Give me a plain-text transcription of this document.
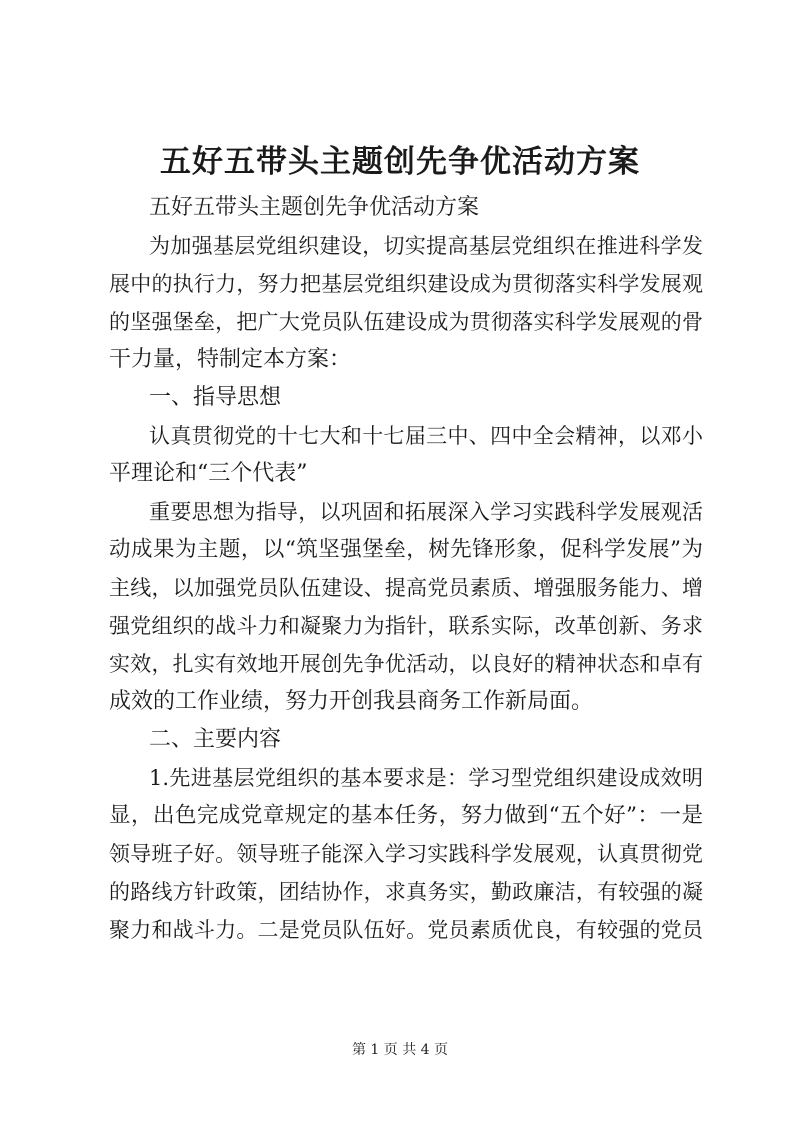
五好五带头主题创先争优活动方案
五好五带头主题创先争优活动方案
为加强基层党组织建设，切实提高基层党组织在推进科学发
展中的执行力，努力把基层党组织建设成为贯彻落实科学发展观
的坚强堡垒，把广大党员队伍建设成为贯彻落实科学发展观的骨
干力量，特制定本方案：
一、指导思想
认真贯彻党的十七大和十七届三中、四中全会精神，以邓小
平理论和“三个代表”
重要思想为指导，以巩固和拓展深入学习实践科学发展观活
动成果为主题，以“筑坚强堡垒，树先锋形象，促科学发展”为
主线，以加强党员队伍建设、提高党员素质、增强服务能力、增
强党组织的战斗力和凝聚力为指针，联系实际，改革创新、务求
实效，扎实有效地开展创先争优活动，以良好的精神状态和卓有
成效的工作业绩，努力开创我县商务工作新局面。
二、主要内容
1.先进基层党组织的基本要求是：学习型党组织建设成效明
显，出色完成党章规定的基本任务，努力做到“五个好”：一是
领导班子好。领导班子能深入学习实践科学发展观，认真贯彻党
的路线方针政策，团结协作，求真务实，勤政廉洁，有较强的凝
聚力和战斗力。二是党员队伍好。党员素质优良，有较强的党员
第 1 页 共 4 页
